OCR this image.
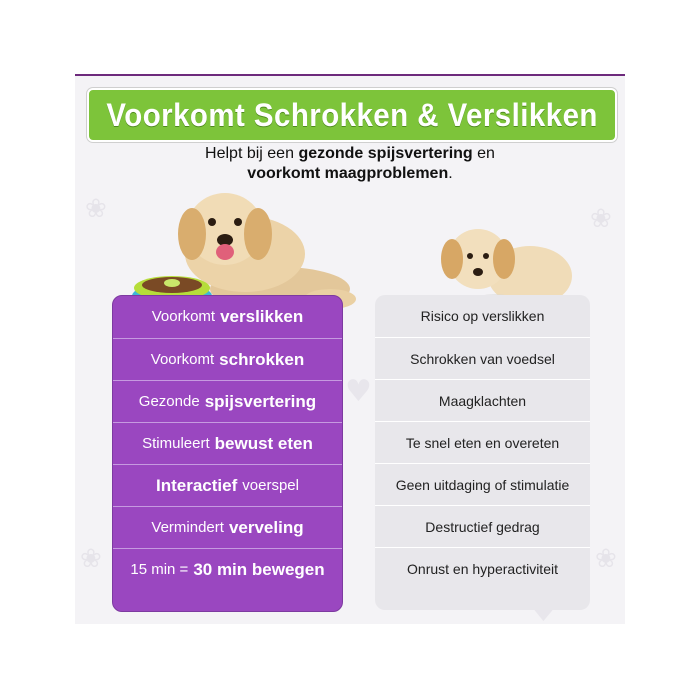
❀	❀
❀	❀
♥
Voorkomt Schrokken & Verslikken
Helpt bij een gezonde spijsvertering en
voorkomt maagproblemen.
Voorkomt verslikken
Voorkomt schrokken
Gezonde spijsvertering
Stimuleert bewust eten
Interactief voerspel
Vermindert verveling
15 min = 30 min bewegen
Risico op verslikken
Schrokken van voedsel
Maagklachten
Te snel eten en overeten
Geen uitdaging of stimulatie
Destructief gedrag
Onrust en hyperactiviteit
